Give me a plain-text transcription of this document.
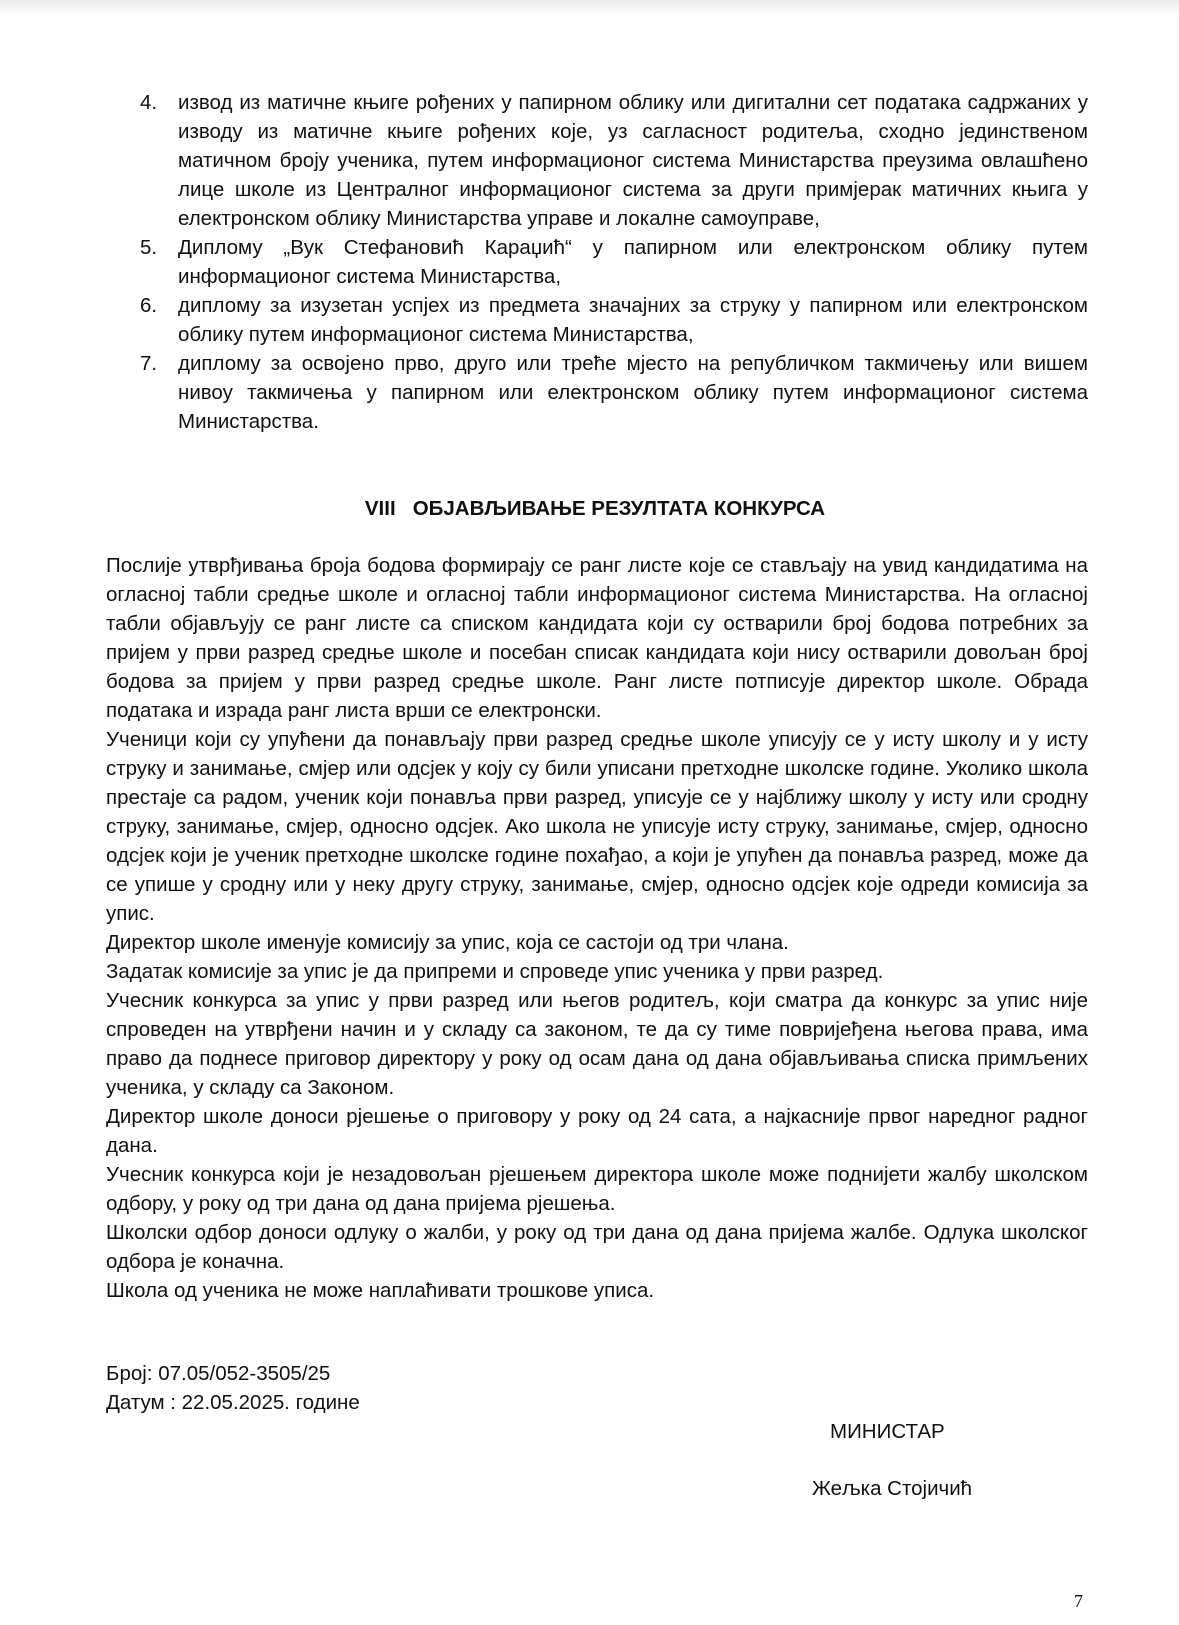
4. извод из матичне књиге рођених у папирном облику или дигитални сет података садржаних у изводу из матичне књиге рођених које, уз сагласност родитеља, сходно јединственом матичном броју ученика, путем информационог система Министарства преузима овлашћено лице школе из Централног информационог система за други примјерак матичних књига у електронском облику Министарства управе и локалне самоуправе,
5. Диплому „Вук Стефановић Караџић“ у папирном или електронском облику путем информационог система Министарства,
6. диплому за изузетан успјех из предмета значајних за струку у папирном или електронском облику путем информационог система Министарства,
7. диплому за освојено прво, друго или треће мјесто на републичком такмичењу или вишем нивоу такмичења у папирном или електронском облику путем информационог система Министарства.
VIII   ОБЈАВЉИВАЊЕ РЕЗУЛТАТА КОНКУРСА

Послије утврђивања броја бодова формирају се ранг листе које се стављају на увид кандидатима на огласној табли средње школе и огласној табли информационог система Министарства. На огласној табли објављују се ранг листе са списком кандидата који су остварили број бодова потребних за пријем у први разред средње школе и посебан списак кандидата који нису остварили довољан број бодова за пријем у први разред средње школе. Ранг листе потписује директор школе. Обрада података и израда ранг листа врши се електронски.

Ученици који су упућени да понављају први разред средње школе уписују се у исту школу и у исту струку и занимање, смјер или одсјек у коју су били уписани претходне школске године. Уколико школа престаје са радом, ученик који понавља први разред, уписује се у најближу школу у исту или сродну струку, занимање, смјер, односно одсјек. Ако школа не уписује исту струку, занимање, смјер, односно одсјек који је ученик претходне школске године похађао, а који је упућен да понавља разред, може да се упише у сродну или у неку другу струку, занимање, смјер, односно одсјек које одреди комисија за упис.

Директор школе именује комисију за упис, која се састоји од три члана.

Задатак комисије за упис је да припреми и спроведе упис ученика у први разред.

Учесник конкурса за упис у први разред или његов родитељ, који сматра да конкурс за упис није спроведен на утврђени начин и у складу са законом, те да су тиме повријеђена његова права, има право да поднесе приговор директору у року од осам дана од дана објављивања списка примљених ученика, у складу са Законом.

Директор школе доноси рјешење о приговору у року од 24 сата, а најкасније првог наредног радног дана.

Учесник конкурса који је незадовољан рјешењем директора школе може поднијети жалбу школском одбору, у року од три дана од дана пријема рјешења.

Школски одбор доноси одлуку о жалби, у року од три дана од дана пријема жалбе. Одлука школског одбора је коначна.

Школа од ученика не може наплаћивати трошкове уписа.

Број: 07.05/052-3505/25
Датум : 22.05.2025. године
МИНИСТАР
Жељка Стојичић
7
